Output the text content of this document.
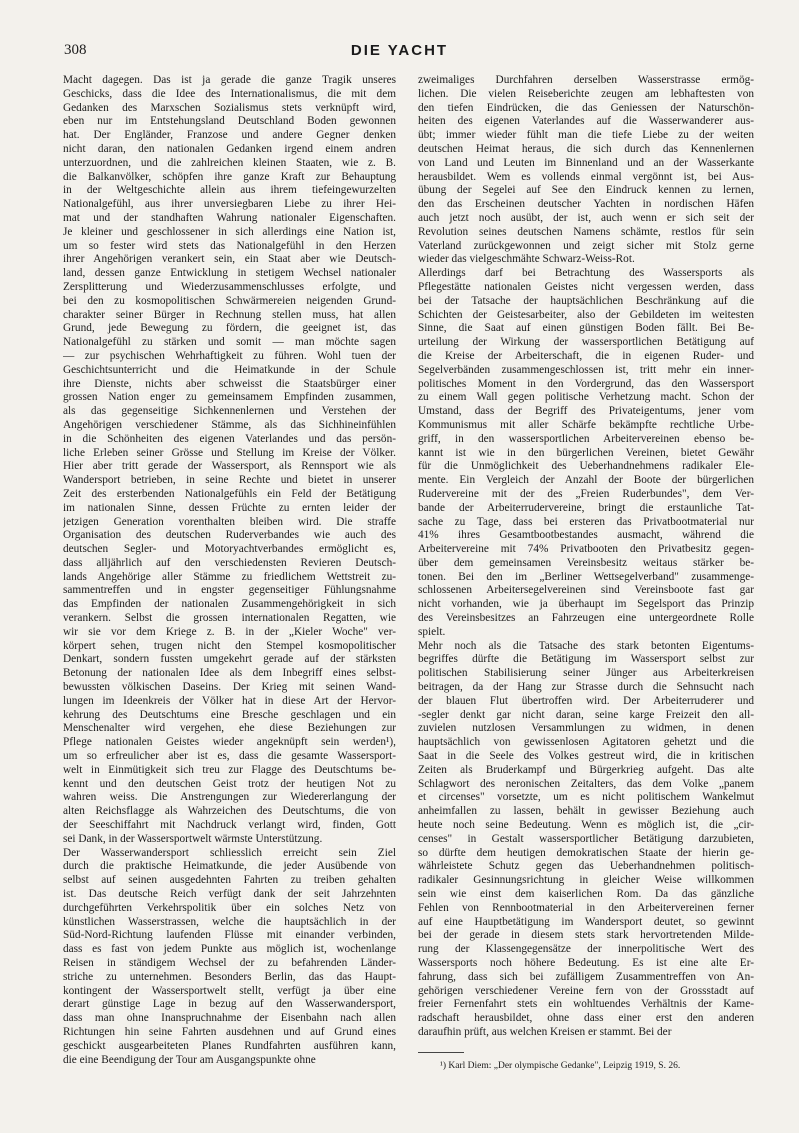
308	DIE YACHT
Macht dagegen. Das ist ja gerade die ganze Tragik unseres
Geschicks, dass die Idee des Internationalismus, die mit dem
Gedanken des Marxschen Sozialismus stets verknüpft wird,
eben nur im Entstehungsland Deutschland Boden gewonnen
hat. Der Engländer, Franzose und andere Gegner denken
nicht daran, den nationalen Gedanken irgend einem andren
unterzuordnen, und die zahlreichen kleinen Staaten, wie z. B.
die Balkanvölker, schöpfen ihre ganze Kraft zur Behauptung
in der Weltgeschichte allein aus ihrem tiefeingewurzelten
Nationalgefühl, aus ihrer unversiegbaren Liebe zu ihrer Hei-
mat und der standhaften Wahrung nationaler Eigenschaften.
Je kleiner und geschlossener in sich allerdings eine Nation ist,
um so fester wird stets das Nationalgefühl in den Herzen
ihrer Angehörigen verankert sein, ein Staat aber wie Deutsch-
land, dessen ganze Entwicklung in stetigem Wechsel nationaler
Zersplitterung und Wiederzusammenschlusses erfolgte, und
bei den zu kosmopolitischen Schwärmereien neigenden Grund-
charakter seiner Bürger in Rechnung stellen muss, hat allen
Grund, jede Bewegung zu fördern, die geeignet ist, das
Nationalgefühl zu stärken und somit — man möchte sagen
— zur psychischen Wehrhaftigkeit zu führen. Wohl tuen der
Geschichtsunterricht und die Heimatkunde in der Schule
ihre Dienste, nichts aber schweisst die Staatsbürger einer
grossen Nation enger zu gemeinsamem Empfinden zusammen,
als das gegenseitige Sichkennenlernen und Verstehen der
Angehörigen verschiedener Stämme, als das Sichhineinfühlen
in die Schönheiten des eigenen Vaterlandes und das persön-
liche Erleben seiner Grösse und Stellung im Kreise der Völker.
Hier aber tritt gerade der Wassersport, als Rennsport wie als
Wandersport betrieben, in seine Rechte und bietet in unserer
Zeit des ersterbenden Nationalgefühls ein Feld der Betätigung
im nationalen Sinne, dessen Früchte zu ernten leider der
jetzigen Generation vorenthalten bleiben wird. Die straffe
Organisation des deutschen Ruderverbandes wie auch des
deutschen Segler- und Motoryachtverbandes ermöglicht es,
dass alljährlich auf den verschiedensten Revieren Deutsch-
lands Angehörige aller Stämme zu friedlichem Wettstreit zu-
sammentreffen und in engster gegenseitiger Fühlungsnahme
das Empfinden der nationalen Zusammengehörigkeit in sich
verankern. Selbst die grossen internationalen Regatten, wie
wir sie vor dem Kriege z. B. in der „Kieler Woche" ver-
körpert sehen, trugen nicht den Stempel kosmopolitischer
Denkart, sondern fussten umgekehrt gerade auf der stärksten
Betonung der nationalen Idee als dem Inbegriff eines selbst-
bewussten völkischen Daseins. Der Krieg mit seinen Wand-
lungen im Ideenkreis der Völker hat in diese Art der Hervor-
kehrung des Deutschtums eine Bresche geschlagen und ein
Menschenalter wird vergehen, ehe diese Beziehungen zur
Pflege nationalen Geistes wieder angeknüpft sein werden¹),
um so erfreulicher aber ist es, dass die gesamte Wassersport-
welt in Einmütigkeit sich treu zur Flagge des Deutschtums be-
kennt und den deutschen Geist trotz der heutigen Not zu
wahren weiss. Die Anstrengungen zur Wiedererlangung der
alten Reichsflagge als Wahrzeichen des Deutschtums, die von
der Seeschiffahrt mit Nachdruck verlangt wird, finden, Gott
sei Dank, in der Wassersportwelt wärmste Unterstützung.
Der Wasserwandersport schliesslich erreicht sein Ziel
durch die praktische Heimatkunde, die jeder Ausübende von
selbst auf seinen ausgedehnten Fahrten zu treiben gehalten
ist. Das deutsche Reich verfügt dank der seit Jahrzehnten
durchgeführten Verkehrspolitik über ein solches Netz von
künstlichen Wasserstrassen, welche die hauptsächlich in der
Süd-Nord-Richtung laufenden Flüsse mit einander verbinden,
dass es fast von jedem Punkte aus möglich ist, wochenlange
Reisen in ständigem Wechsel der zu befahrenden Länder-
striche zu unternehmen. Besonders Berlin, das das Haupt-
kontingent der Wassersportwelt stellt, verfügt ja über eine
derart günstige Lage in bezug auf den Wasserwandersport,
dass man ohne Inanspruchnahme der Eisenbahn nach allen
Richtungen hin seine Fahrten ausdehnen und auf Grund eines
geschickt ausgearbeiteten Planes Rundfahrten ausführen kann,
die eine Beendigung der Tour am Ausgangspunkte ohne
zweimaliges Durchfahren derselben Wasserstrasse ermög-
lichen. Die vielen Reiseberichte zeugen am lebhaftesten von
den tiefen Eindrücken, die das Geniessen der Naturschön-
heiten des eigenen Vaterlandes auf die Wasserwanderer aus-
übt; immer wieder fühlt man die tiefe Liebe zu der weiten
deutschen Heimat heraus, die sich durch das Kennenlernen
von Land und Leuten im Binnenland und an der Wasserkante
herausbildet. Wem es vollends einmal vergönnt ist, bei Aus-
übung der Segelei auf See den Eindruck kennen zu lernen,
den das Erscheinen deutscher Yachten in nordischen Häfen
auch jetzt noch ausübt, der ist, auch wenn er sich seit der
Revolution seines deutschen Namens schämte, restlos für sein
Vaterland zurückgewonnen und zeigt sicher mit Stolz gerne
wieder das vielgeschmähte Schwarz-Weiss-Rot.
Allerdings darf bei Betrachtung des Wassersports als
Pflegestätte nationalen Geistes nicht vergessen werden, dass
bei der Tatsache der hauptsächlichen Beschränkung auf die
Schichten der Geistesarbeiter, also der Gebildeten im weitesten
Sinne, die Saat auf einen günstigen Boden fällt. Bei Be-
urteilung der Wirkung der wassersportlichen Betätigung auf
die Kreise der Arbeiterschaft, die in eigenen Ruder- und
Segelverbänden zusammengeschlossen ist, tritt mehr ein inner-
politisches Moment in den Vordergrund, das den Wassersport
zu einem Wall gegen politische Verhetzung macht. Schon der
Umstand, dass der Begriff des Privateigentums, jener vom
Kommunismus mit aller Schärfe bekämpfte rechtliche Urbe-
griff, in den wassersportlichen Arbeitervereinen ebenso be-
kannt ist wie in den bürgerlichen Vereinen, bietet Gewähr
für die Unmöglichkeit des Ueberhandnehmens radikaler Ele-
mente. Ein Vergleich der Anzahl der Boote der bürgerlichen
Rudervereine mit der des „Freien Ruderbundes", dem Ver-
bande der Arbeiterrudervereine, bringt die erstaunliche Tat-
sache zu Tage, dass bei ersteren das Privatbootmaterial nur
41% ihres Gesamtbootbestandes ausmacht, während die
Arbeitervereine mit 74% Privatbooten den Privatbesitz gegen-
über dem gemeinsamen Vereinsbesitz weitaus stärker be-
tonen. Bei den im „Berliner Wettsegelverband" zusammenge-
schlossenen Arbeitersegelvereinen sind Vereinsboote fast gar
nicht vorhanden, wie ja überhaupt im Segelsport das Prinzip
des Vereinsbesitzes an Fahrzeugen eine untergeordnete Rolle
spielt.
Mehr noch als die Tatsache des stark betonten Eigentums-
begriffes dürfte die Betätigung im Wassersport selbst zur
politischen Stabilisierung seiner Jünger aus Arbeiterkreisen
beitragen, da der Hang zur Strasse durch die Sehnsucht nach
der blauen Flut übertroffen wird. Der Arbeiterruderer und
-segler denkt gar nicht daran, seine karge Freizeit den all-
zuvielen nutzlosen Versammlungen zu widmen, in denen
hauptsächlich von gewissenlosen Agitatoren gehetzt und die
Saat in die Seele des Volkes gestreut wird, die in kritischen
Zeiten als Bruderkampf und Bürgerkrieg aufgeht. Das alte
Schlagwort des neronischen Zeitalters, das dem Volke „panem
et circenses" vorsetzte, um es nicht politischem Wankelmut
anheimfallen zu lassen, behält in gewisser Beziehung auch
heute noch seine Bedeutung. Wenn es möglich ist, die „cir-
censes" in Gestalt wassersportlicher Betätigung darzubieten,
so dürfte dem heutigen demokratischen Staate der hierin ge-
währleistete Schutz gegen das Ueberhandnehmen politisch-
radikaler Gesinnungsrichtung in gleicher Weise willkommen
sein wie einst dem kaiserlichen Rom. Da das gänzliche
Fehlen von Rennbootmaterial in den Arbeitervereinen ferner
auf eine Hauptbetätigung im Wandersport deutet, so gewinnt
bei der gerade in diesem stets stark hervortretenden Milde-
rung der Klassengegensätze der innerpolitische Wert des
Wassersports noch höhere Bedeutung. Es ist eine alte Er-
fahrung, dass sich bei zufälligem Zusammentreffen von An-
gehörigen verschiedener Vereine fern von der Grossstadt auf
freier Fernenfahrt stets ein wohltuendes Verhältnis der Kame-
radschaft herausbildet, ohne dass einer erst den anderen
daraufhin prüft, aus welchen Kreisen er stammt. Bei der
¹) Karl Diem: „Der olympische Gedanke", Leipzig 1919, S. 26.
